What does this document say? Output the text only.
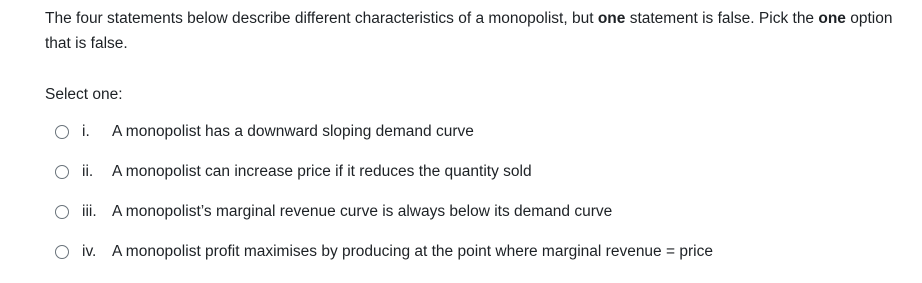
The four statements below describe different characteristics of a monopolist, but one statement is false. Pick the one option that is false.

Select one:

i.	A monopolist has a downward sloping demand curve
ii.	A monopolist can increase price if it reduces the quantity sold
iii. A monopolist’s marginal revenue curve is always below its demand curve
iv.	A monopolist profit maximises by producing at the point where marginal revenue = price
